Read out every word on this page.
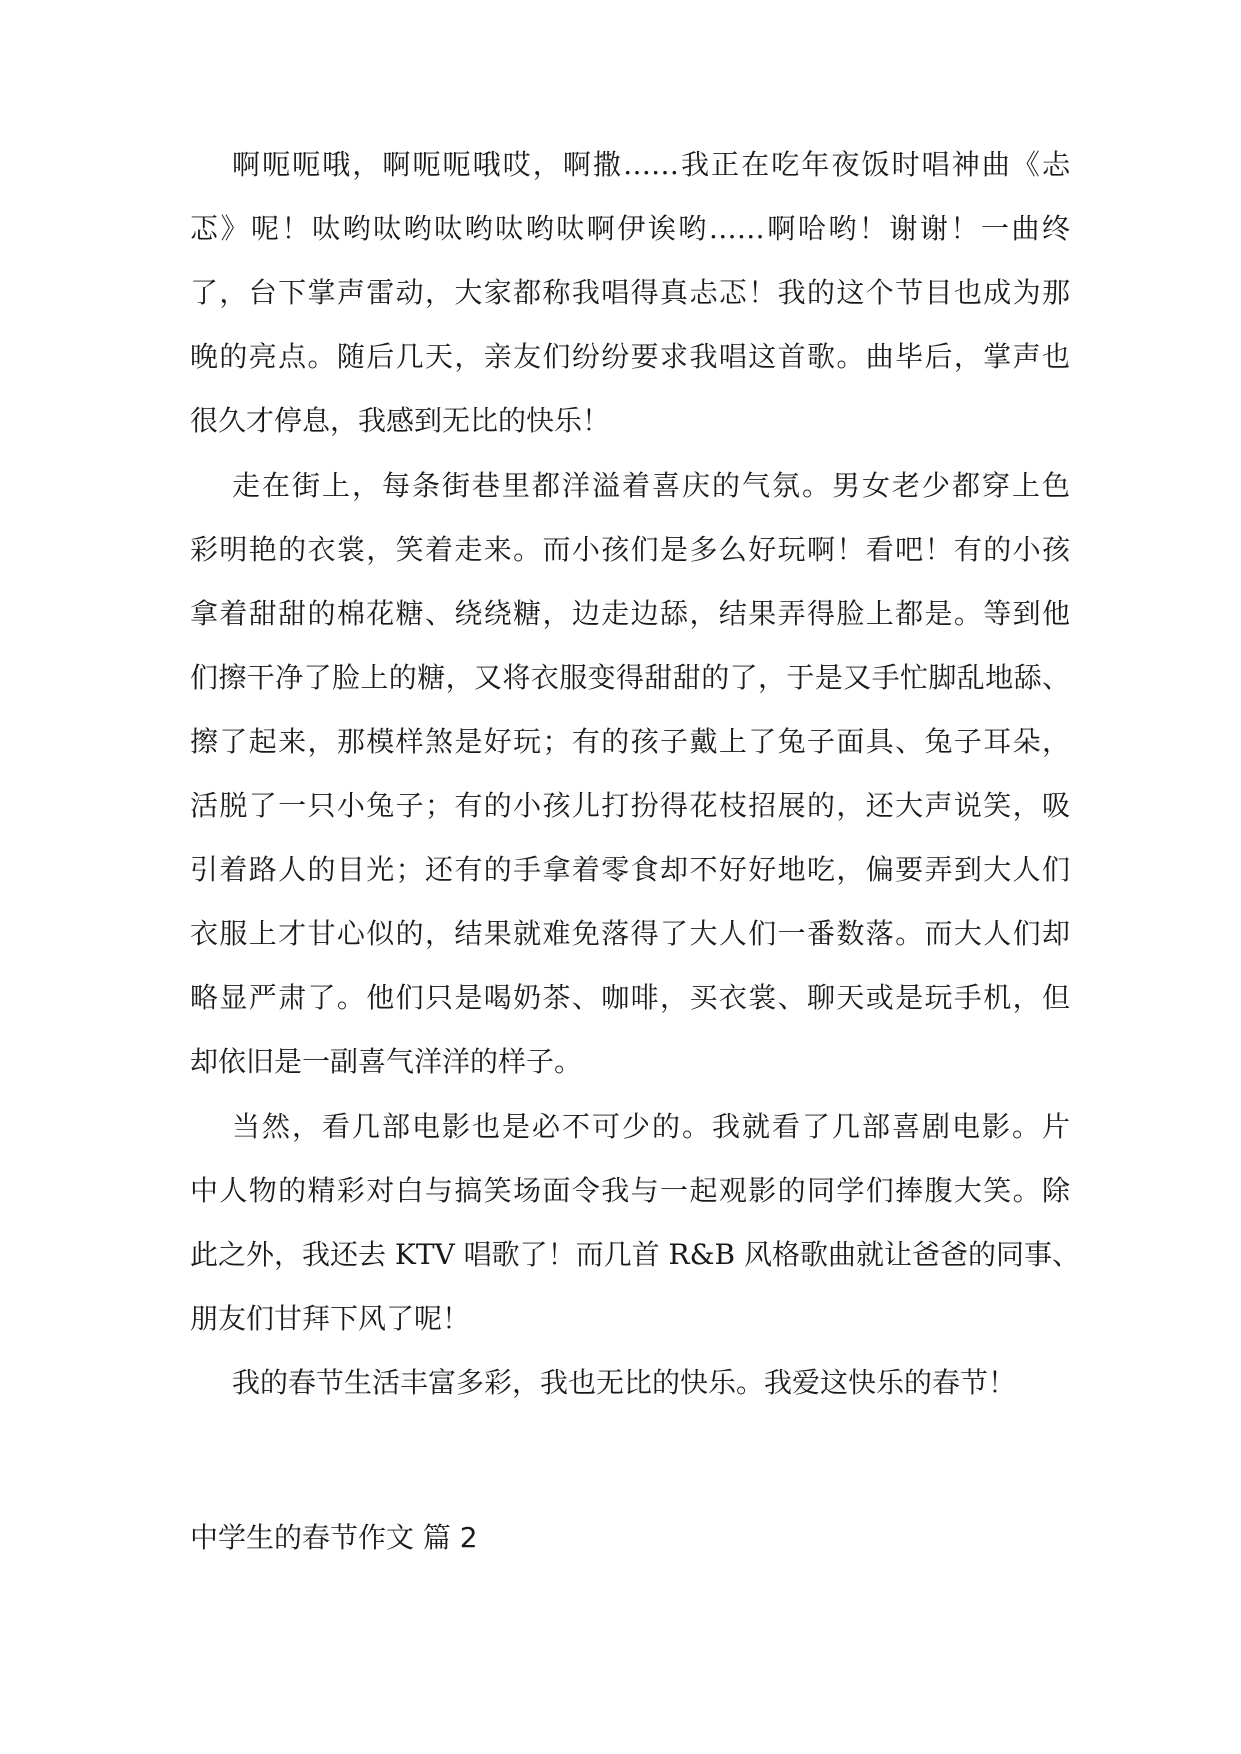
啊呃呃哦，啊呃呃哦哎，啊撒……我正在吃年夜饭时唱神曲《忐
忑》呢！呔哟呔哟呔哟呔哟呔啊伊诶哟……啊哈哟！谢谢！一曲终
了，台下掌声雷动，大家都称我唱得真忐忑！我的这个节目也成为那
晚的亮点。随后几天，亲友们纷纷要求我唱这首歌。曲毕后，掌声也
很久才停息，我感到无比的快乐！
走在街上，每条街巷里都洋溢着喜庆的气氛。男女老少都穿上色
彩明艳的衣裳，笑着走来。而小孩们是多么好玩啊！看吧！有的小孩
拿着甜甜的棉花糖、绕绕糖，边走边舔，结果弄得脸上都是。等到他
们擦干净了脸上的糖，又将衣服变得甜甜的了，于是又手忙脚乱地舔、
擦了起来，那模样煞是好玩；有的孩子戴上了兔子面具、兔子耳朵，
活脱了一只小兔子；有的小孩儿打扮得花枝招展的，还大声说笑，吸
引着路人的目光；还有的手拿着零食却不好好地吃，偏要弄到大人们
衣服上才甘心似的，结果就难免落得了大人们一番数落。而大人们却
略显严肃了。他们只是喝奶茶、咖啡，买衣裳、聊天或是玩手机，但
却依旧是一副喜气洋洋的样子。
当然，看几部电影也是必不可少的。我就看了几部喜剧电影。片
中人物的精彩对白与搞笑场面令我与一起观影的同学们捧腹大笑。除
此之外，我还去 KTV 唱歌了！而几首 R&B 风格歌曲就让爸爸的同事、
朋友们甘拜下风了呢！
我的春节生活丰富多彩，我也无比的快乐。我爱这快乐的春节！
中学生的春节作文 篇 2
